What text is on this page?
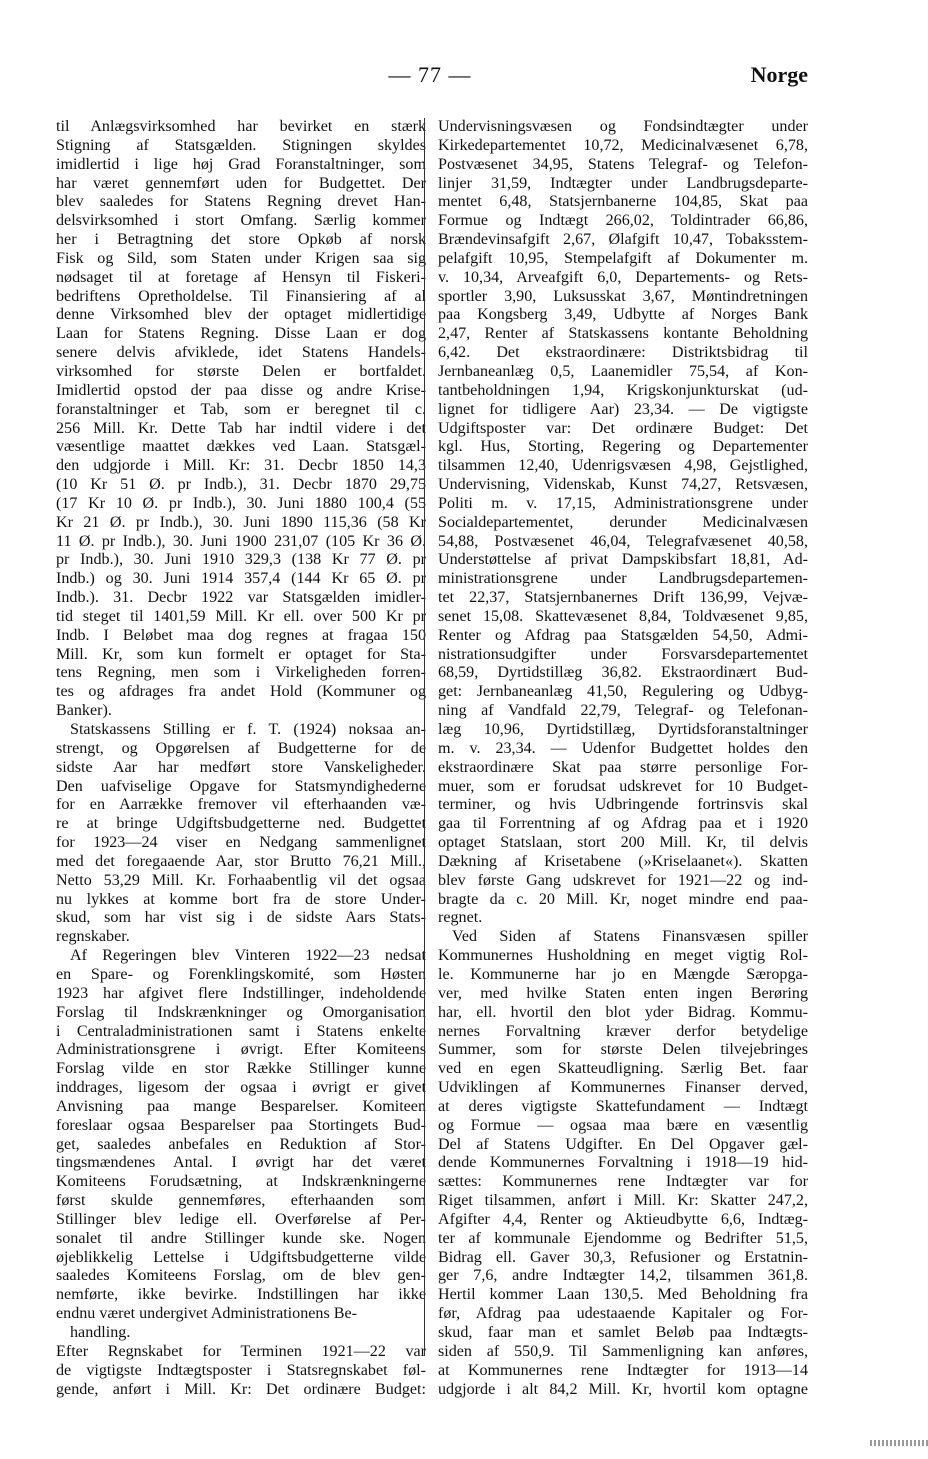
— 77 —	Norge
til Anlægsvirksomhed har bevirket en stærk
Stigning af Statsgælden. Stigningen skyldes
imidlertid i lige høj Grad Foranstaltninger, som
har været gennemført uden for Budgettet. Der
blev saaledes for Statens Regning drevet Han-
delsvirksomhed i stort Omfang. Særlig kommer
her i Betragtning det store Opkøb af norsk
Fisk og Sild, som Staten under Krigen saa sig
nødsaget til at foretage af Hensyn til Fiskeri-
bedriftens Opretholdelse. Til Finansiering af al
denne Virksomhed blev der optaget midlertidige
Laan for Statens Regning. Disse Laan er dog
senere delvis afviklede, idet Statens Handels-
virksomhed for største Delen er bortfaldet.
Imidlertid opstod der paa disse og andre Krise-
foranstaltninger et Tab, som er beregnet til c.
256 Mill. Kr. Dette Tab har indtil videre i det
væsentlige maattet dækkes ved Laan. Statsgæl-
den udgjorde i Mill. Kr: 31. Decbr 1850 14,3
(10 Kr 51 Ø. pr Indb.), 31. Decbr 1870 29,75
(17 Kr 10 Ø. pr Indb.), 30. Juni 1880 100,4 (55
Kr 21 Ø. pr Indb.), 30. Juni 1890 115,36 (58 Kr
11 Ø. pr Indb.), 30. Juni 1900 231,07 (105 Kr 36 Ø.
pr Indb.), 30. Juni 1910 329,3 (138 Kr 77 Ø. pr
Indb.) og 30. Juni 1914 357,4 (144 Kr 65 Ø. pr
Indb.). 31. Decbr 1922 var Statsgælden imidler-
tid steget til 1401,59 Mill. Kr ell. over 500 Kr pr
Indb. I Beløbet maa dog regnes at fragaa 150
Mill. Kr, som kun formelt er optaget for Sta-
tens Regning, men som i Virkeligheden forren-
tes og afdrages fra andet Hold (Kommuner og
Banker).
Statskassens Stilling er f. T. (1924) noksaa an-
strengt, og Opgørelsen af Budgetterne for de
sidste Aar har medført store Vanskeligheder.
Den uafviselige Opgave for Statsmyndighederne
for en Aarrække fremover vil efterhaanden væ-
re at bringe Udgiftsbudgetterne ned. Budgettet
for 1923—24 viser en Nedgang sammenlignet
med det foregaaende Aar, stor Brutto 76,21 Mill.,
Netto 53,29 Mill. Kr. Forhaabentlig vil det ogsaa
nu lykkes at komme bort fra de store Under-
skud, som har vist sig i de sidste Aars Stats-
regnskaber.
Af Regeringen blev Vinteren 1922—23 nedsat
en Spare- og Forenklingskomité, som Høsten
1923 har afgivet flere Indstillinger, indeholdende
Forslag til Indskrænkninger og Omorganisation
i Centraladministrationen samt i Statens enkelte
Administrationsgrene i øvrigt. Efter Komiteens
Forslag vilde en stor Række Stillinger kunne
inddrages, ligesom der ogsaa i øvrigt er givet
Anvisning paa mange Besparelser. Komiteen
foreslaar ogsaa Besparelser paa Stortingets Bud-
get, saaledes anbefales en Reduktion af Stor-
tingsmændenes Antal. I øvrigt har det været
Komiteens Forudsætning, at Indskrænkningerne
først skulde gennemføres, efterhaanden som
Stillinger blev ledige ell. Overførelse af Per-
sonalet til andre Stillinger kunde ske. Nogen
øjeblikkelig Lettelse i Udgiftsbudgetterne vilde
saaledes Komiteens Forslag, om de blev gen-
nemførte, ikke bevirke. Indstillingen har ikke
endnu været undergivet Administrationens Be-
handling.
Efter Regnskabet for Terminen 1921—22 var
de vigtigste Indtægtsposter i Statsregnskabet føl-
gende, anført i Mill. Kr: Det ordinære Budget:
Undervisningsvæsen og Fondsindtægter under
Kirkedepartementet 10,72, Medicinalvæsenet 6,78,
Postvæsenet 34,95, Statens Telegraf- og Telefon-
linjer 31,59, Indtægter under Landbrugsdeparte-
mentet 6,48, Statsjernbanerne 104,85, Skat paa
Formue og Indtægt 266,02, Toldintrader 66,86,
Brændevinsafgift 2,67, Ølafgift 10,47, Tobaksstem-
pelafgift 10,95, Stempelafgift af Dokumenter m.
v. 10,34, Arveafgift 6,0, Departements- og Rets-
sportler 3,90, Luksusskat 3,67, Møntindretningen
paa Kongsberg 3,49, Udbytte af Norges Bank
2,47, Renter af Statskassens kontante Beholdning
6,42. Det ekstraordinære: Distriktsbidrag til
Jernbaneanlæg 0,5, Laanemidler 75,54, af Kon-
tantbeholdningen 1,94, Krigskonjunkturskat (ud-
lignet for tidligere Aar) 23,34. — De vigtigste
Udgiftsposter var: Det ordinære Budget: Det
kgl. Hus, Storting, Regering og Departementer
tilsammen 12,40, Udenrigsvæsen 4,98, Gejstlighed,
Undervisning, Videnskab, Kunst 74,27, Retsvæsen,
Politi m. v. 17,15, Administrationsgrene under
Socialdepartementet, derunder Medicinalvæsen
54,88, Postvæsenet 46,04, Telegrafvæsenet 40,58,
Understøttelse af privat Dampskibsfart 18,81, Ad-
ministrationsgrene under Landbrugsdepartemen-
tet 22,37, Statsjernbanernes Drift 136,99, Vejvæ-
senet 15,08. Skattevæsenet 8,84, Toldvæsenet 9,85,
Renter og Afdrag paa Statsgælden 54,50, Admi-
nistrationsudgifter under Forsvarsdepartementet
68,59, Dyrtidstillæg 36,82. Ekstraordinært Bud-
get: Jernbaneanlæg 41,50, Regulering og Udbyg-
ning af Vandfald 22,79, Telegraf- og Telefonan-
læg 10,96, Dyrtidstillæg, Dyrtidsforanstaltninger
m. v. 23,34. — Udenfor Budgettet holdes den
ekstraordinære Skat paa større personlige For-
muer, som er forudsat udskrevet for 10 Budget-
terminer, og hvis Udbringende fortrinsvis skal
gaa til Forrentning af og Afdrag paa et i 1920
optaget Statslaan, stort 200 Mill. Kr, til delvis
Dækning af Krisetabene (»Kriselaanet«). Skatten
blev første Gang udskrevet for 1921—22 og ind-
bragte da c. 20 Mill. Kr, noget mindre end paa-
regnet.
Ved Siden af Statens Finansvæsen spiller
Kommunernes Husholdning en meget vigtig Rol-
le. Kommunerne har jo en Mængde Særopga-
ver, med hvilke Staten enten ingen Berøring
har, ell. hvortil den blot yder Bidrag. Kommu-
nernes Forvaltning kræver derfor betydelige
Summer, som for største Delen tilvejebringes
ved en egen Skatteudligning. Særlig Bet. faar
Udviklingen af Kommunernes Finanser derved,
at deres vigtigste Skattefundament — Indtægt
og Formue — ogsaa maa bære en væsentlig
Del af Statens Udgifter. En Del Opgaver gæl-
dende Kommunernes Forvaltning i 1918—19 hid-
sættes: Kommunernes rene Indtægter var for
Riget tilsammen, anført i Mill. Kr: Skatter 247,2,
Afgifter 4,4, Renter og Aktieudbytte 6,6, Indtæg-
ter af kommunale Ejendomme og Bedrifter 51,5,
Bidrag ell. Gaver 30,3, Refusioner og Erstatnin-
ger 7,6, andre Indtægter 14,2, tilsammen 361,8.
Hertil kommer Laan 130,5. Med Beholdning fra
før, Afdrag paa udestaaende Kapitaler og For-
skud, faar man et samlet Beløb paa Indtægts-
siden af 550,9. Til Sammenligning kan anføres,
at Kommunernes rene Indtægter for 1913—14
udgjorde i alt 84,2 Mill. Kr, hvortil kom optagne
